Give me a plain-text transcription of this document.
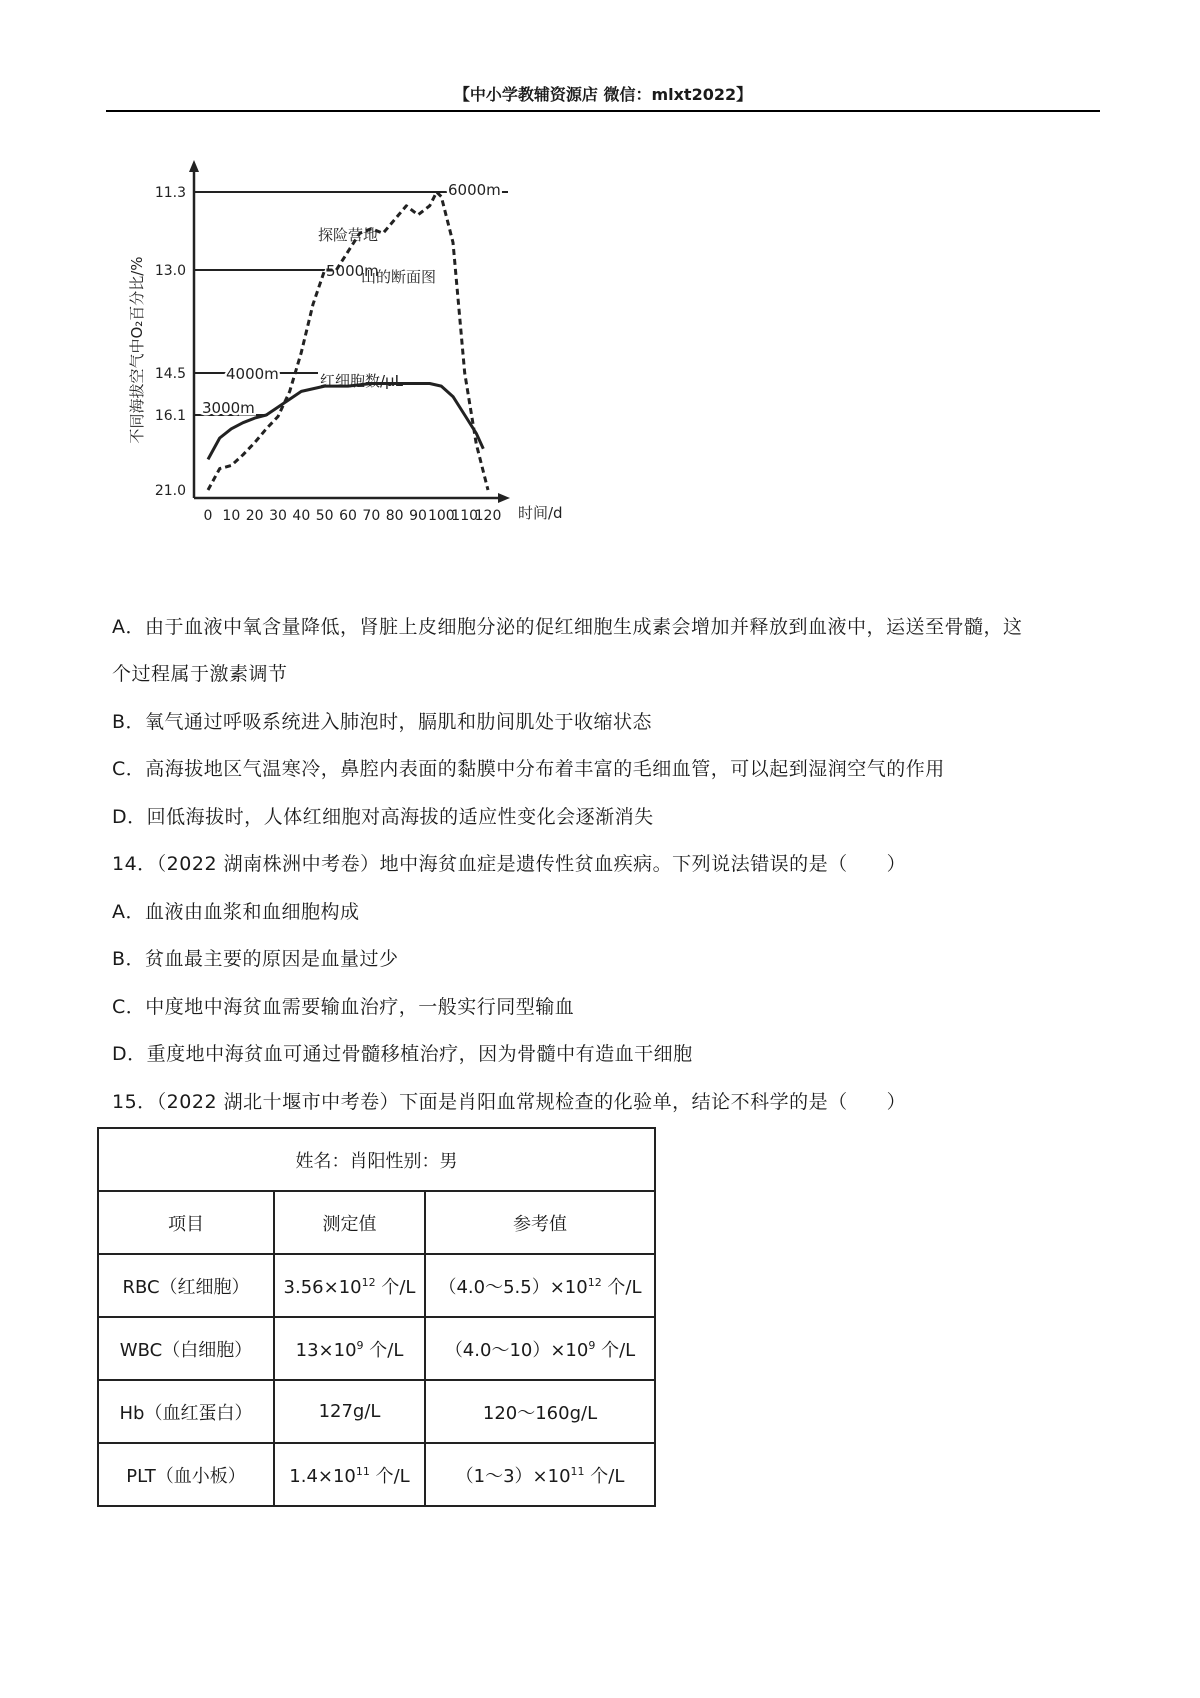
【中小学教辅资源店 微信：mlxt2022】
11.3
13.0
14.5
16.1
21.0
6000m
5000m
4000m
3000m
0 10 20 30 40 50 60 70 80 90 100
110
120 时间/d
不同海拔空气中O₂百分比/%
探险营地
山的断面图
红细胞数/μL
A．由于血液中氧含量降低，肾脏上皮细胞分泌的促红细胞生成素会增加并释放到血液中，运送至骨髓，这
个过程属于激素调节
B．氧气通过呼吸系统进入肺泡时，膈肌和肋间肌处于收缩状态
C．高海拔地区气温寒冷，鼻腔内表面的黏膜中分布着丰富的毛细血管，可以起到湿润空气的作用
D．回低海拔时，人体红细胞对高海拔的适应性变化会逐渐消失
14．（2022 湖南株洲中考卷）地中海贫血症是遗传性贫血疾病。下列说法错误的是（　　）
A．血液由血浆和血细胞构成
B．贫血最主要的原因是血量过少
C．中度地中海贫血需要输血治疗，一般实行同型输血
D．重度地中海贫血可通过骨髓移植治疗，因为骨髓中有造血干细胞
15．（2022 湖北十堰市中考卷）下面是肖阳血常规检查的化验单，结论不科学的是（　　）
姓名：肖阳性别：男		
项目	测定值	参考值
RBC（红细胞）	$3.56\times 10^{12}$ 个/L	$(4.0\sim 5.5)\times 10^{12}$ 个/L
WBC（白细胞）	$13\times 10^9$ 个/L	$(4.0\sim 10)\times 10^9$ 个/L
Hb（血红蛋白）	127g/L	120～160g/L
PLT（血小板）	$1.4\times 10^{11}$ 个/L	$(1\sim 3)\times 10^{11}$ 个/L
